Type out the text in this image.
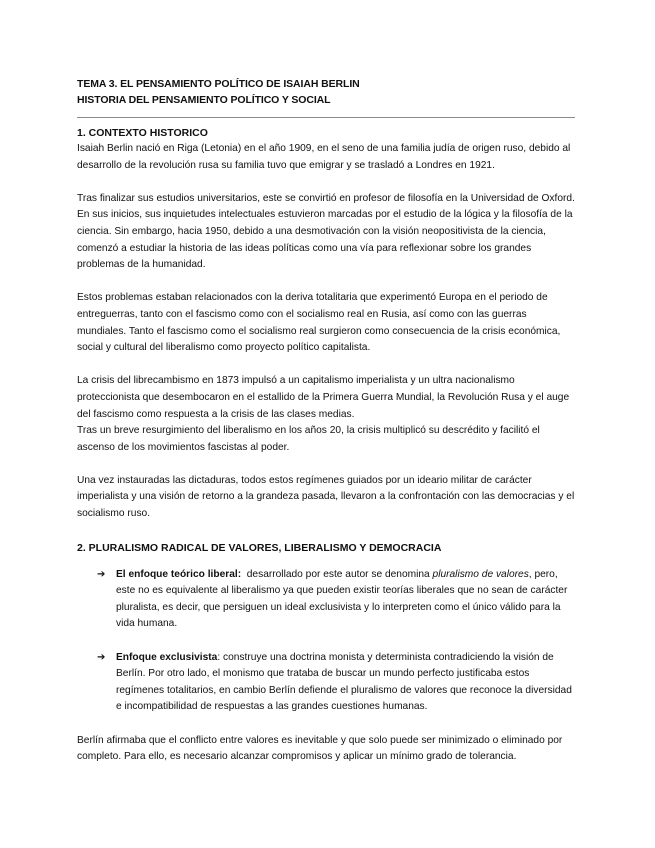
TEMA 3. EL PENSAMIENTO POLÍTICO DE ISAIAH BERLIN
HISTORIA DEL PENSAMIENTO POLÍTICO Y SOCIAL
1. CONTEXTO HISTORICO

Isaiah Berlin nació en Riga (Letonia) en el año 1909, en el seno de una familia judía de origen ruso, debido al desarrollo de la revolución rusa su familia tuvo que emigrar y se trasladó a Londres en 1921.

Tras finalizar sus estudios universitarios, este se convirtió en profesor de filosofía en la Universidad de Oxford. En sus inicios, sus inquietudes intelectuales estuvieron marcadas por el estudio de la lógica y la filosofía de la ciencia. Sin embargo, hacia 1950, debido a una desmotivación con la visión neopositivista de la ciencia, comenzó a estudiar la historia de las ideas políticas como una vía para reflexionar sobre los grandes problemas de la humanidad.

Estos problemas estaban relacionados con la deriva totalitaria que experimentó Europa en el periodo de entreguerras, tanto con el fascismo como con el socialismo real en Rusia, así como con las guerras mundiales. Tanto el fascismo como el socialismo real surgieron como consecuencia de la crisis económica, social y cultural del liberalismo como proyecto político capitalista.

La crisis del librecambismo en 1873 impulsó a un capitalismo imperialista y un ultra nacionalismo proteccionista que desembocaron en el estallido de la Primera Guerra Mundial, la Revolución Rusa y el auge del fascismo como respuesta a la crisis de las clases medias.

Tras un breve resurgimiento del liberalismo en los años 20, la crisis multiplicó su descrédito y facilitó el ascenso de los movimientos fascistas al poder.

Una vez instauradas las dictaduras, todos estos regímenes guiados por un ideario militar de carácter imperialista y una visión de retorno a la grandeza pasada, llevaron a la confrontación con las democracias y el socialismo ruso.

2. PLURALISMO RADICAL DE VALORES, LIBERALISMO Y DEMOCRACIA
➔ El enfoque teórico liberal:  desarrollado por este autor se denomina pluralismo de valores, pero, este no es equivalente al liberalismo ya que pueden existir teorías liberales que no sean de carácter pluralista, es decir, que persiguen un ideal exclusivista y lo interpreten como el único válido para la vida humana.
➔ Enfoque exclusivista: construye una doctrina monista y determinista contradiciendo la visión de Berlín. Por otro lado, el monismo que trataba de buscar un mundo perfecto justificaba estos regímenes totalitarios, en cambio Berlín defiende el pluralismo de valores que reconoce la diversidad e incompatibilidad de respuestas a las grandes cuestiones humanas.

Berlín afirmaba que el conflicto entre valores es inevitable y que solo puede ser minimizado o eliminado por completo. Para ello, es necesario alcanzar compromisos y aplicar un mínimo grado de tolerancia.
